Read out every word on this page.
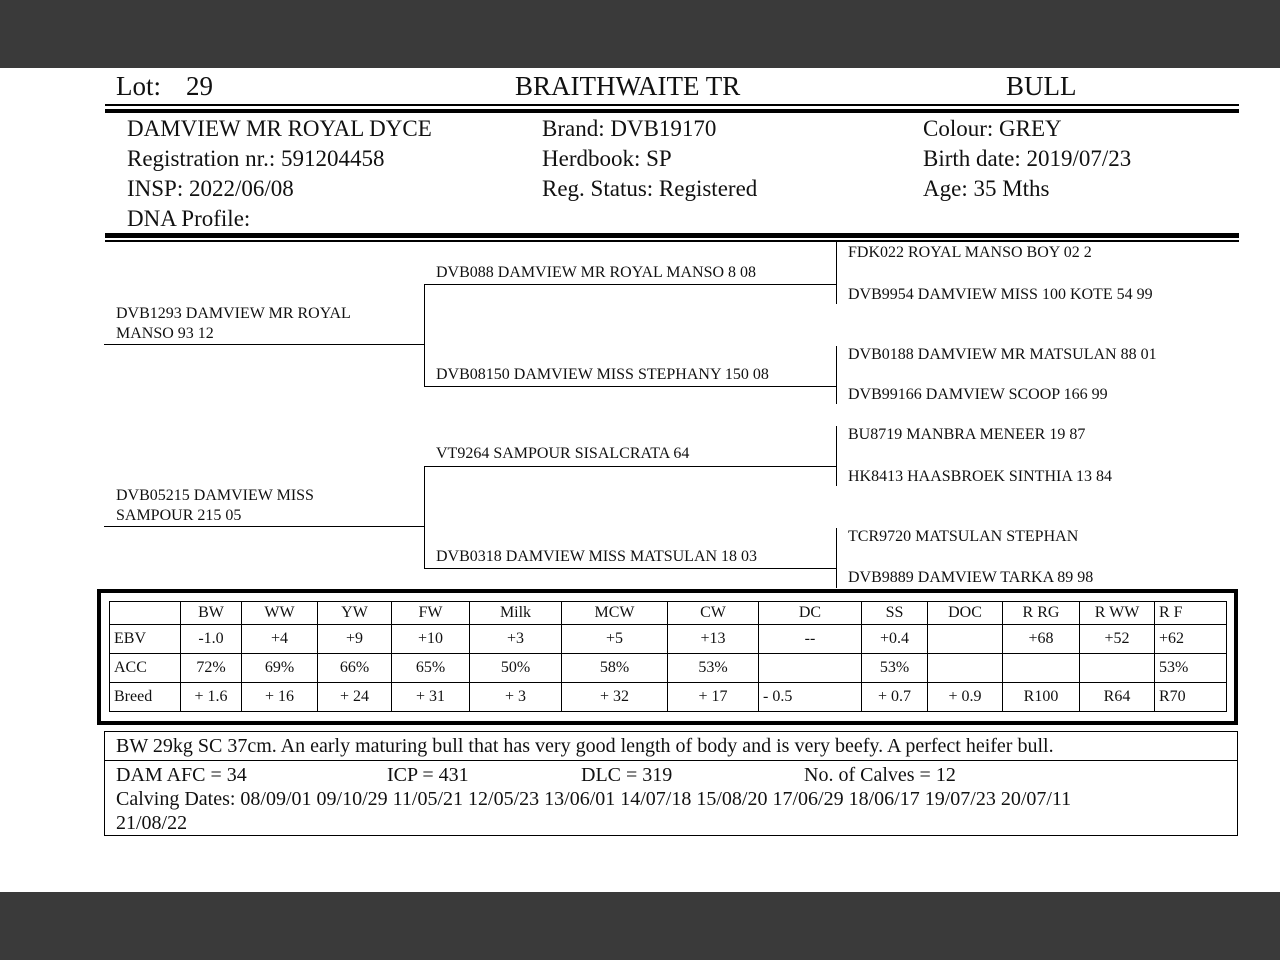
Lot: 29	BRAITHWAITE TR	BULL
DAMVIEW MR ROYAL DYCE
Registration nr.: 591204458
INSP: 2022/06/08
DNA Profile:
Brand: DVB19170
Herdbook: SP
Reg. Status: Registered
Colour: GREY
Birth date: 2019/07/23
Age: 35 Mths
DVB1293 DAMVIEW MR ROYAL
MANSO 93 12
DVB05215 DAMVIEW MISS
SAMPOUR 215 05
DVB088 DAMVIEW MR ROYAL MANSO 8 08
DVB08150 DAMVIEW MISS STEPHANY 150 08
VT9264 SAMPOUR SISALCRATA 64
DVB0318 DAMVIEW MISS MATSULAN 18 03
FDK022 ROYAL MANSO BOY 02 2
DVB9954 DAMVIEW MISS 100 KOTE 54 99
DVB0188 DAMVIEW MR MATSULAN 88 01
DVB99166 DAMVIEW SCOOP 166 99
BU8719 MANBRA MENEER 19 87
HK8413 HAASBROEK SINTHIA 13 84
TCR9720 MATSULAN STEPHAN
DVB9889 DAMVIEW TARKA 89 98
	BW	WW	YW	FW	Milk	MCW	CW	DC	SS	DOC	R RG	R WW	R F
EBV	-1.0	+4	+9	+10	+3	+5	+13	--	+0.4		+68	+52	+62
ACC	72%	69%	66%	65%	50%	58%	53%		53%				53%
Breed	+ 1.6	+ 16	+ 24	+ 31	+ 3	+ 32	+ 17	- 0.5	+ 0.7	+ 0.9	R100	R64	R70
BW 29kg SC 37cm. An early maturing bull that has very good length of body and is very beefy. A perfect heifer bull.
DAM AFC = 34	ICP = 431	DLC = 319	No. of Calves = 12
Calving Dates: 08/09/01 09/10/29 11/05/21 12/05/23 13/06/01 14/07/18 15/08/20 17/06/29 18/06/17 19/07/23 20/07/11
21/08/22
